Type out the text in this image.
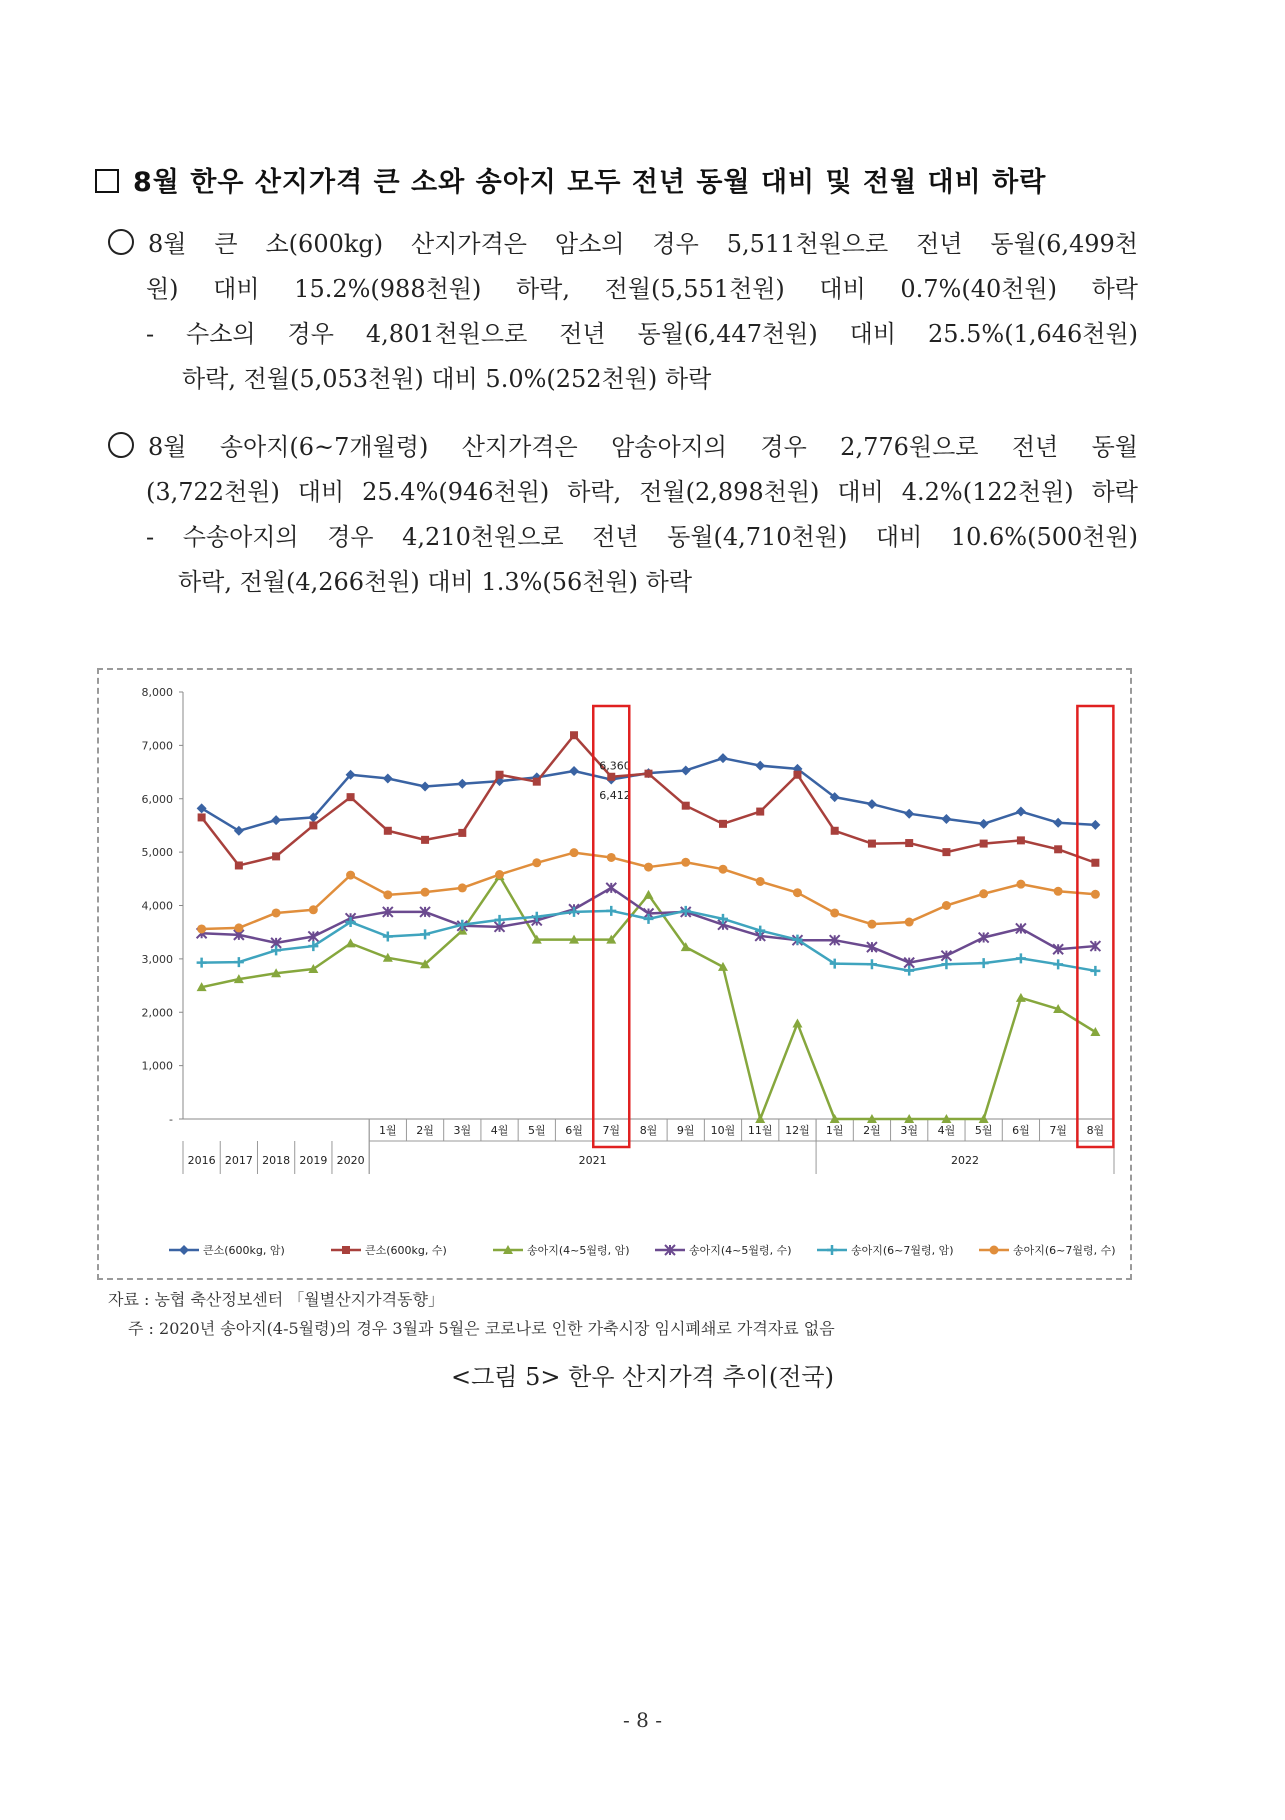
8월 한우 산지가격 큰 소와 송아지 모두 전년 동월 대비 및 전월 대비 하락
8월 큰 소(600kg) 산지가격은 암소의 경우 5,511천원으로 전년 동월(6,499천
원) 대비 15.2%(988천원) 하락, 전월(5,551천원) 대비 0.7%(40천원) 하락
- 수소의 경우 4,801천원으로 전년 동월(6,447천원) 대비 25.5%(1,646천원)
하락, 전월(5,053천원) 대비 5.0%(252천원) 하락
8월 송아지(6~7개월령) 산지가격은 암송아지의 경우 2,776원으로 전년 동월
(3,722천원) 대비 25.4%(946천원) 하락, 전월(2,898천원) 대비 4.2%(122천원) 하락
- 수송아지의 경우 4,210천원으로 전년 동월(4,710천원) 대비 10.6%(500천원)
하락, 전월(4,266천원) 대비 1.3%(56천원) 하락
8,000
7,000
6,000
5,000
4,000
3,000
2,000
1,000
-
2016 2017 2018 2019 2020
1월 2월 3월 4월 5월 6월 7월 8월 9월 10월 11월 12월 1월 2월 3월 4월 5월 6월 7월 8월
2021	2022
6,360
6,412
큰소(600kg, 암)	큰소(600kg, 수)	송아지(4~5월령, 암)	송아지(4~5월령, 수)	송아지(6~7월령, 암)	송아지(6~7월령, 수)
자료 : 농협 축산정보센터 「월별산지가격동향」
주 : 2020년 송아지(4-5월령)의 경우 3월과 5월은 코로나로 인한 가축시장 임시폐쇄로 가격자료 없음
<그림 5> 한우 산지가격 추이(전국)
- 8 -
